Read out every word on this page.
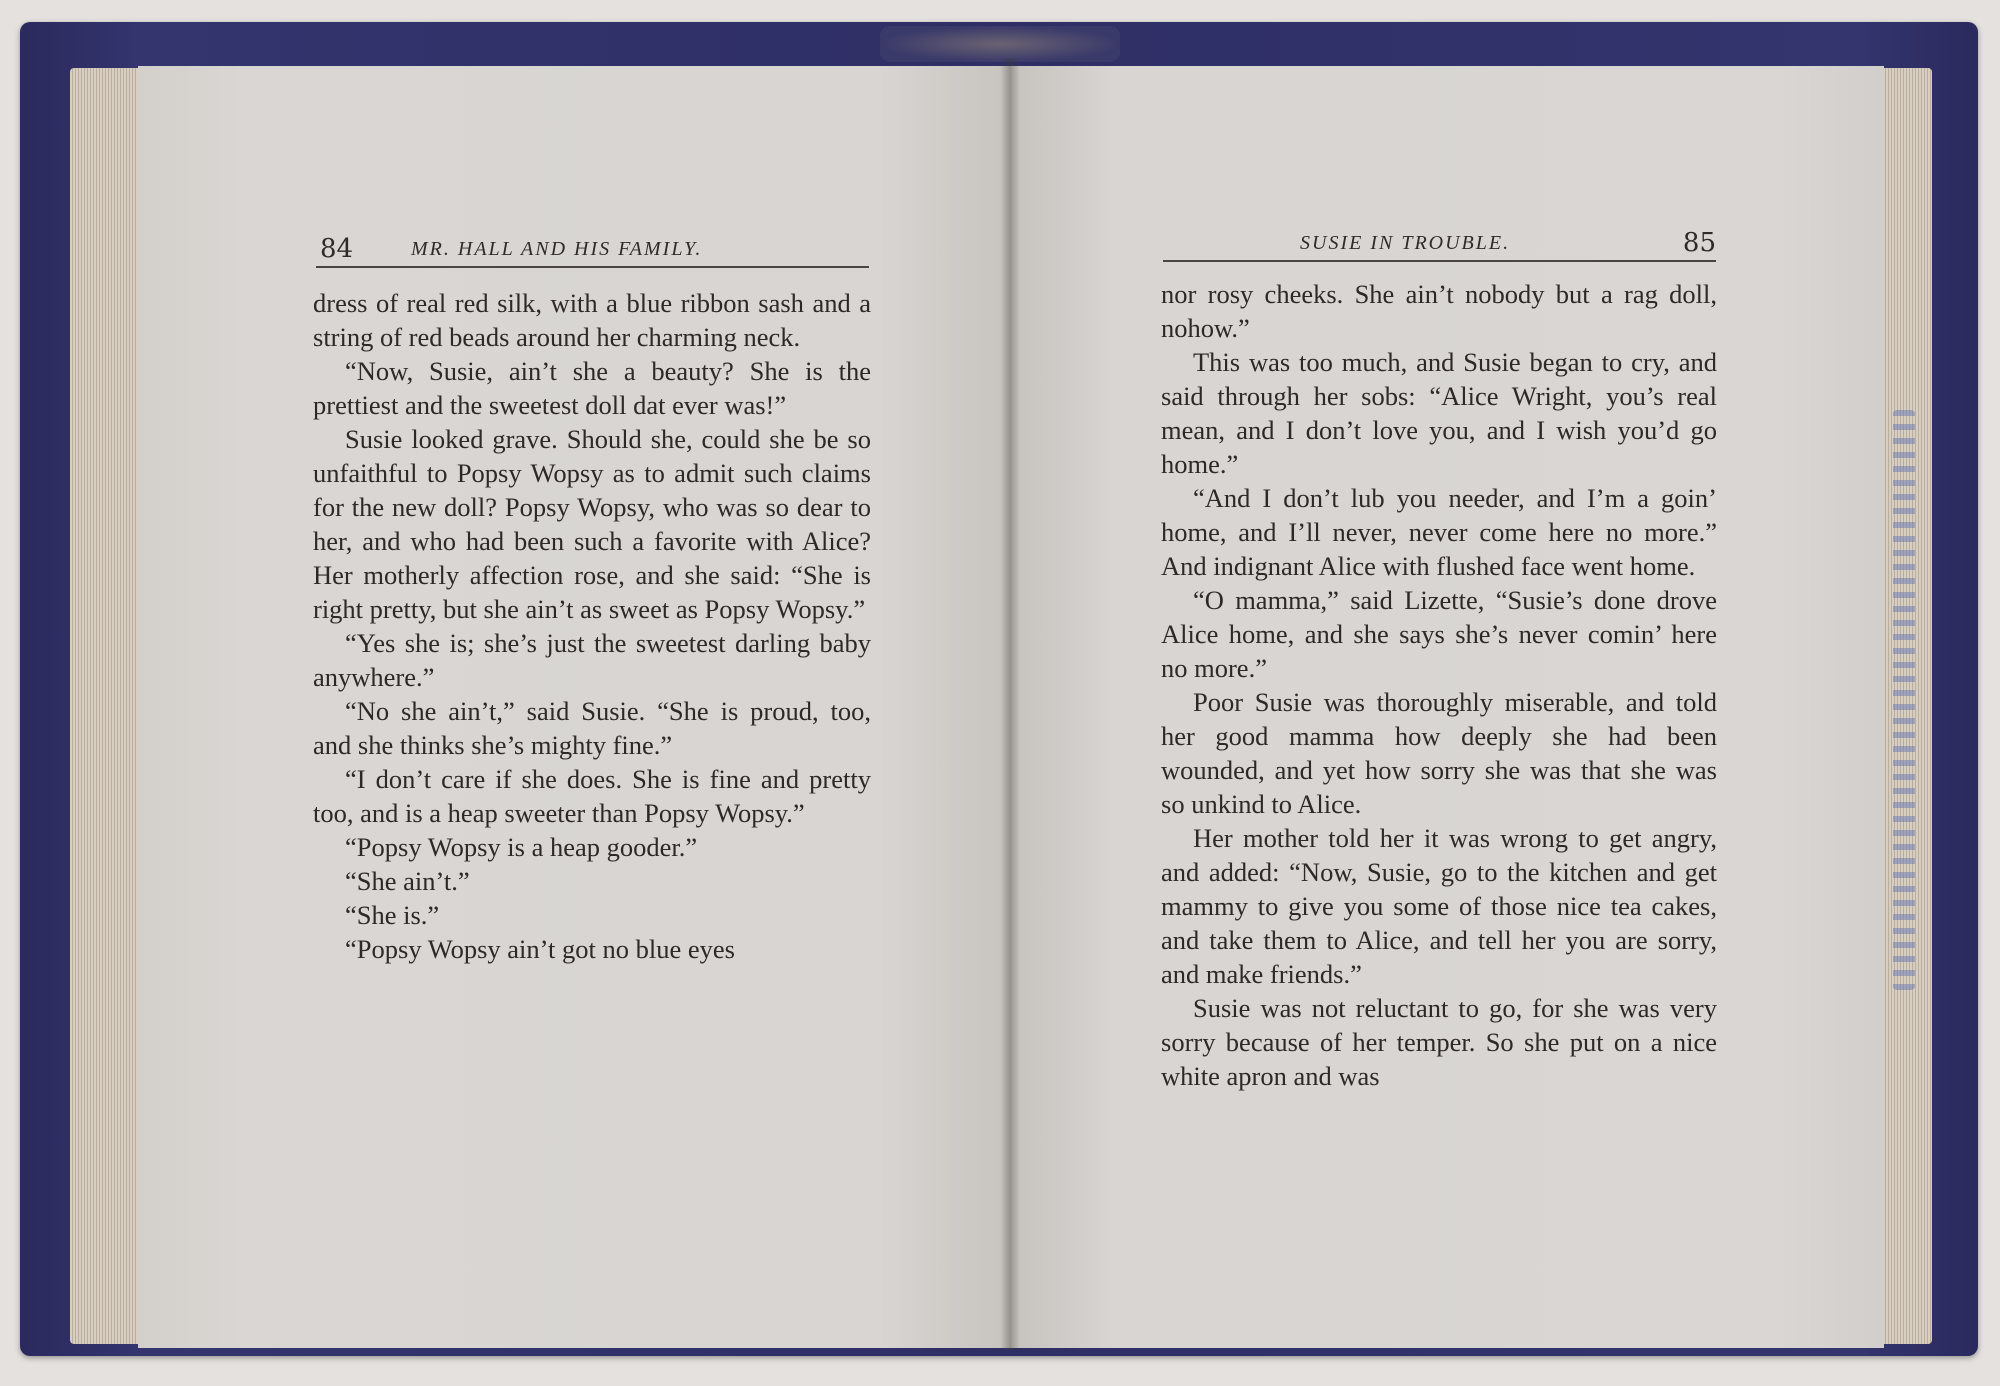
84	MR. HALL AND HIS FAMILY.

dress of real red silk, with a blue ribbon sash and a string of red beads around her charming neck.

“Now, Susie, ain’t she a beauty? She is the prettiest and the sweetest doll dat ever was!”

Susie looked grave. Should she, could she be so unfaithful to Popsy Wopsy as to admit such claims for the new doll? Popsy Wopsy, who was so dear to her, and who had been such a favorite with Alice? Her motherly affection rose, and she said: “She is right pretty, but she ain’t as sweet as Popsy Wopsy.”

“Yes she is; she’s just the sweetest darling baby anywhere.”

“No she ain’t,” said Susie. “She is proud, too, and she thinks she’s mighty fine.”

“I don’t care if she does. She is fine and pretty too, and is a heap sweeter than Popsy Wopsy.”

“Popsy Wopsy is a heap gooder.”

“She ain’t.”

“She is.”

“Popsy Wopsy ain’t got no blue eyes

SUSIE IN TROUBLE.	85

nor rosy cheeks. She ain’t nobody but a rag doll, nohow.”

This was too much, and Susie began to cry, and said through her sobs: “Alice Wright, you’s real mean, and I don’t love you, and I wish you’d go home.”

“And I don’t lub you needer, and I’m a goin’ home, and I’ll never, never come here no more.” And indignant Alice with flushed face went home.

“O mamma,” said Lizette, “Susie’s done drove Alice home, and she says she’s never comin’ here no more.”

Poor Susie was thoroughly miserable, and told her good mamma how deeply she had been wounded, and yet how sorry she was that she was so unkind to Alice.

Her mother told her it was wrong to get angry, and added: “Now, Susie, go to the kitchen and get mammy to give you some of those nice tea cakes, and take them to Alice, and tell her you are sorry, and make friends.”

Susie was not reluctant to go, for she was very sorry because of her temper. So she put on a nice white apron and was
